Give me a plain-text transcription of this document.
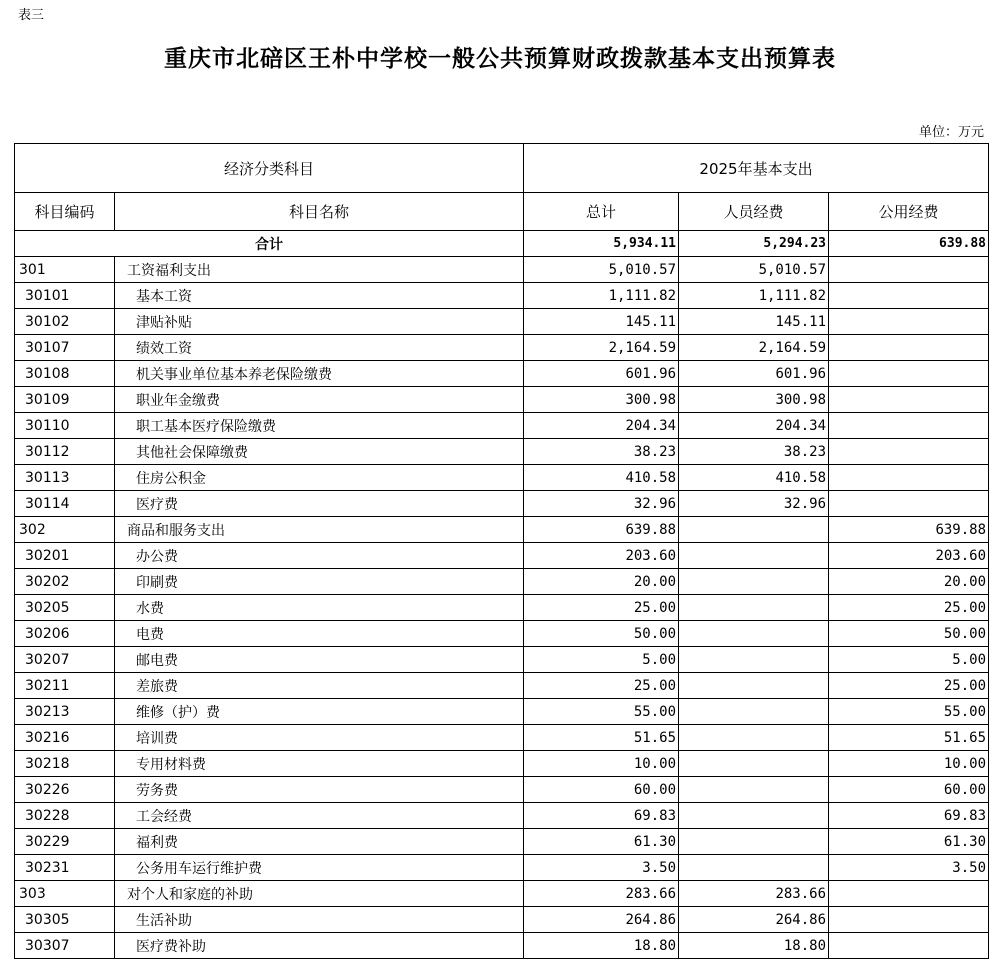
表三
重庆市北碚区王朴中学校一般公共预算财政拨款基本支出预算表
单位：万元
经济分类科目		2025年基本支出		
科目编码	科目名称	总计	人员经费	公用经费
合计		5,934.11	5,294.23	639.88
301	工资福利支出	5,010.57	5,010.57	
30101	基本工资	1,111.82	1,111.82	
30102	津贴补贴	145.11	145.11	
30107	绩效工资	2,164.59	2,164.59	
30108	机关事业单位基本养老保险缴费	601.96	601.96	
30109	职业年金缴费	300.98	300.98	
30110	职工基本医疗保险缴费	204.34	204.34	
30112	其他社会保障缴费	38.23	38.23	
30113	住房公积金	410.58	410.58	
30114	医疗费	32.96	32.96	
302	商品和服务支出	639.88		639.88
30201	办公费	203.60		203.60
30202	印刷费	20.00		20.00
30205	水费	25.00		25.00
30206	电费	50.00		50.00
30207	邮电费	5.00		5.00
30211	差旅费	25.00		25.00
30213	维修（护）费	55.00		55.00
30216	培训费	51.65		51.65
30218	专用材料费	10.00		10.00
30226	劳务费	60.00		60.00
30228	工会经费	69.83		69.83
30229	福利费	61.30		61.30
30231	公务用车运行维护费	3.50		3.50
303	对个人和家庭的补助	283.66	283.66	
30305	生活补助	264.86	264.86	
30307	医疗费补助	18.80	18.80	
